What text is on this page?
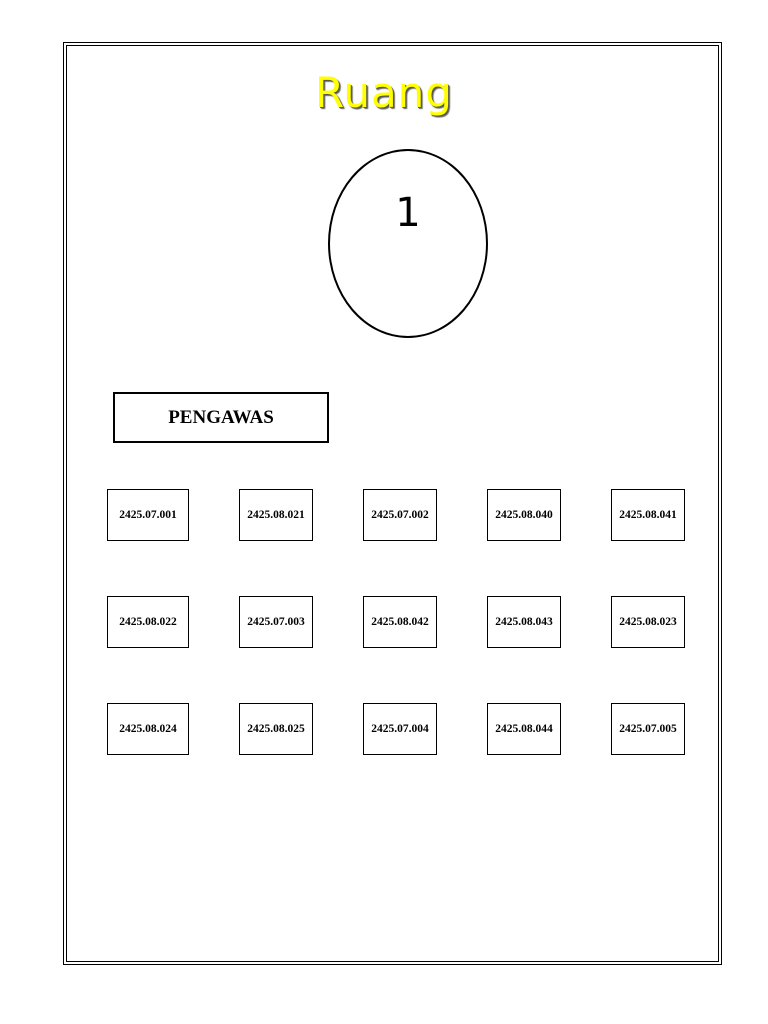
Ruang
1
PENGAWAS
2425.07.001	2425.08.021	2425.07.002	2425.08.040	2425.08.041
2425.08.022	2425.07.003	2425.08.042	2425.08.043	2425.08.023
2425.08.024	2425.08.025	2425.07.004	2425.08.044	2425.07.005
